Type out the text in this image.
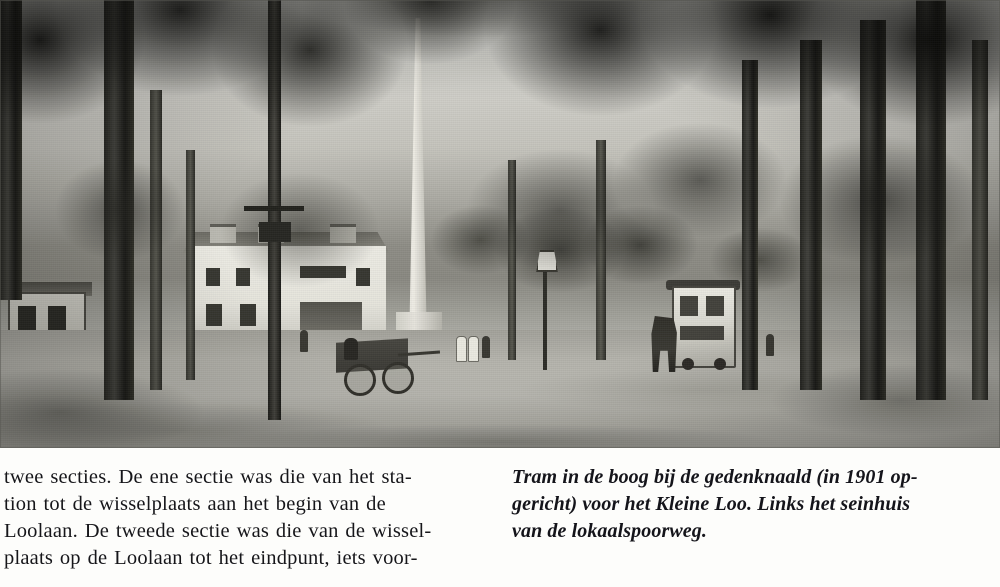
twee secties. De ene sectie was die van het sta-
tion tot de wisselplaats aan het begin van de
Loolaan. De tweede sectie was die van de wissel-
plaats op de Loolaan tot het eindpunt, iets voor-
Tram in de boog bij de gedenknaald (in 1901 op-
gericht) voor het Kleine Loo. Links het seinhuis
van de lokaalspoorweg.
